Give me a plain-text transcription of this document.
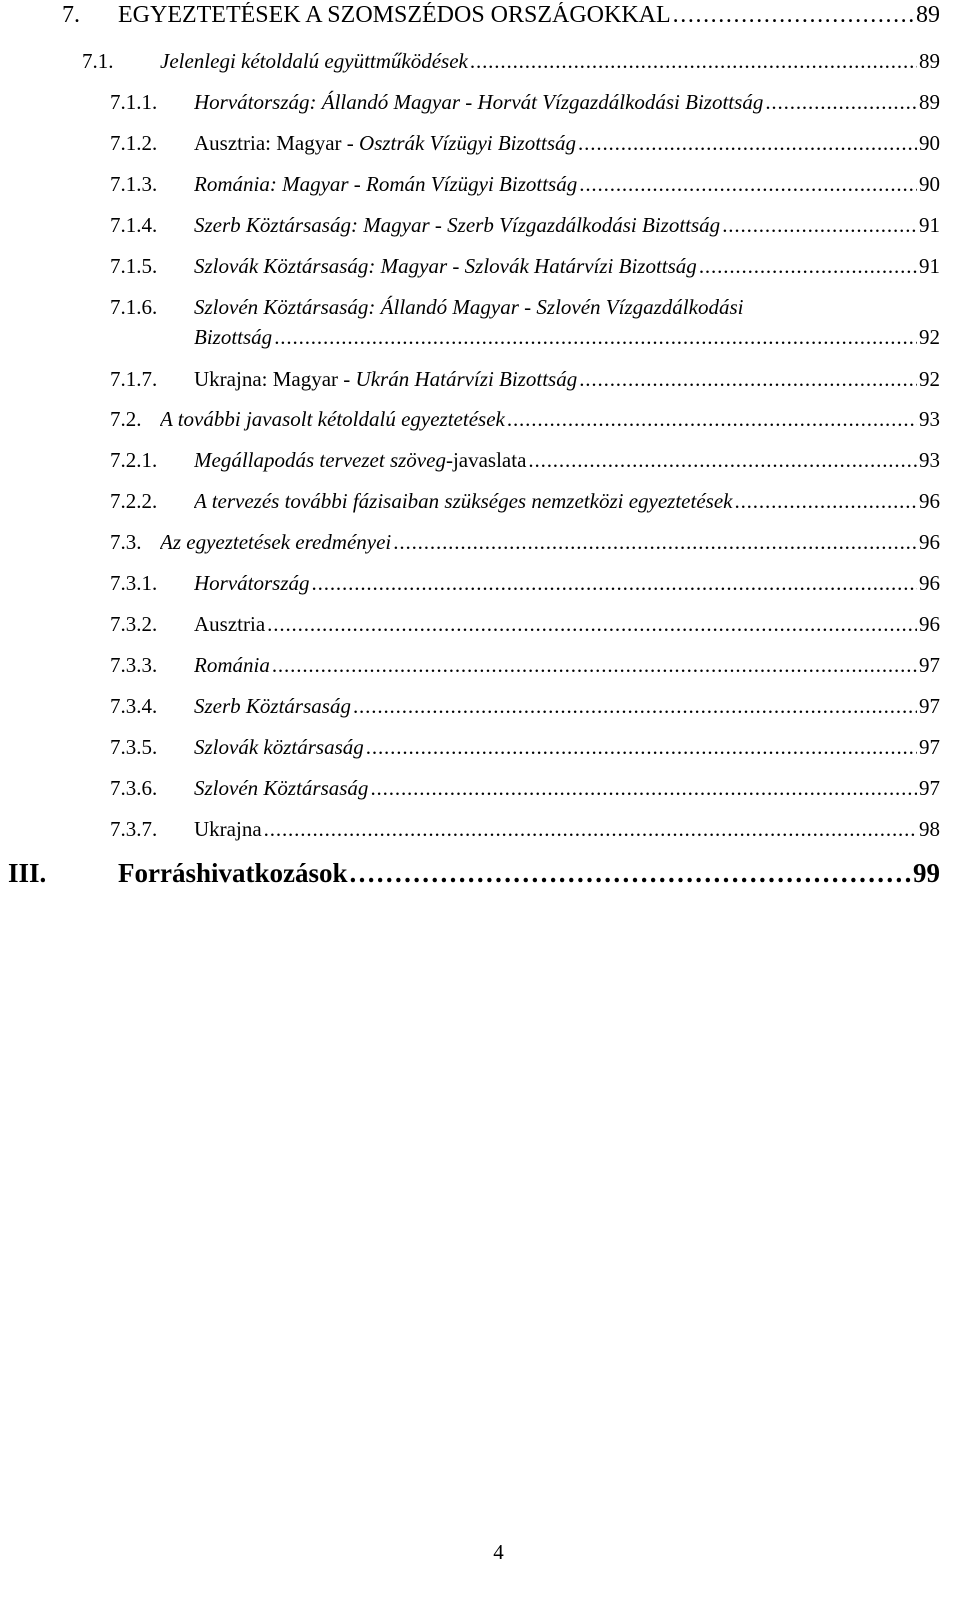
7. EGYEZTETÉSEK A SZOMSZÉDOS ORSZÁGOKKAL . . .	89
7.1. Jelenlegi kétoldalú együttműködések . . .	89
7.1.1. Horvátország: Állandó Magyar - Horvát Vízgazdálkodási Bizottság . . .	89
7.1.2. Ausztria: Magyar - Osztrák Vízügyi Bizottság . . .	90
7.1.3. Románia: Magyar - Román Vízügyi Bizottság . . .	90
7.1.4. Szerb Köztársaság: Magyar - Szerb Vízgazdálkodási Bizottság . . .	91
7.1.5. Szlovák Köztársaság: Magyar - Szlovák Határvízi Bizottság . . .	91
7.1.6. Szlovén Köztársaság: Állandó Magyar - Szlovén Vízgazdálkodási
Bizottság . . .	92
7.1.7. Ukrajna: Magyar - Ukrán Határvízi Bizottság . . .	92
7.2. A további javasolt kétoldalú egyeztetések . . .	93
7.2.1. Megállapodás tervezet szöveg- javaslata . . .	93
7.2.2. A tervezés további fázisaiban szükséges nemzetközi egyeztetések . . .	96
7.3. Az egyeztetések eredményei . . .	96
7.3.1. Horvátország . . .	96
7.3.2. Ausztria . . .	96
7.3.3. Románia . . .	97
7.3.4. Szerb Köztársaság . . .	97
7.3.5. Szlovák köztársaság . . .	97
7.3.6. Szlovén Köztársaság . . .	97
7.3.7. Ukrajna . . .	98
III.	Forráshivatkozások . . .	99
4
